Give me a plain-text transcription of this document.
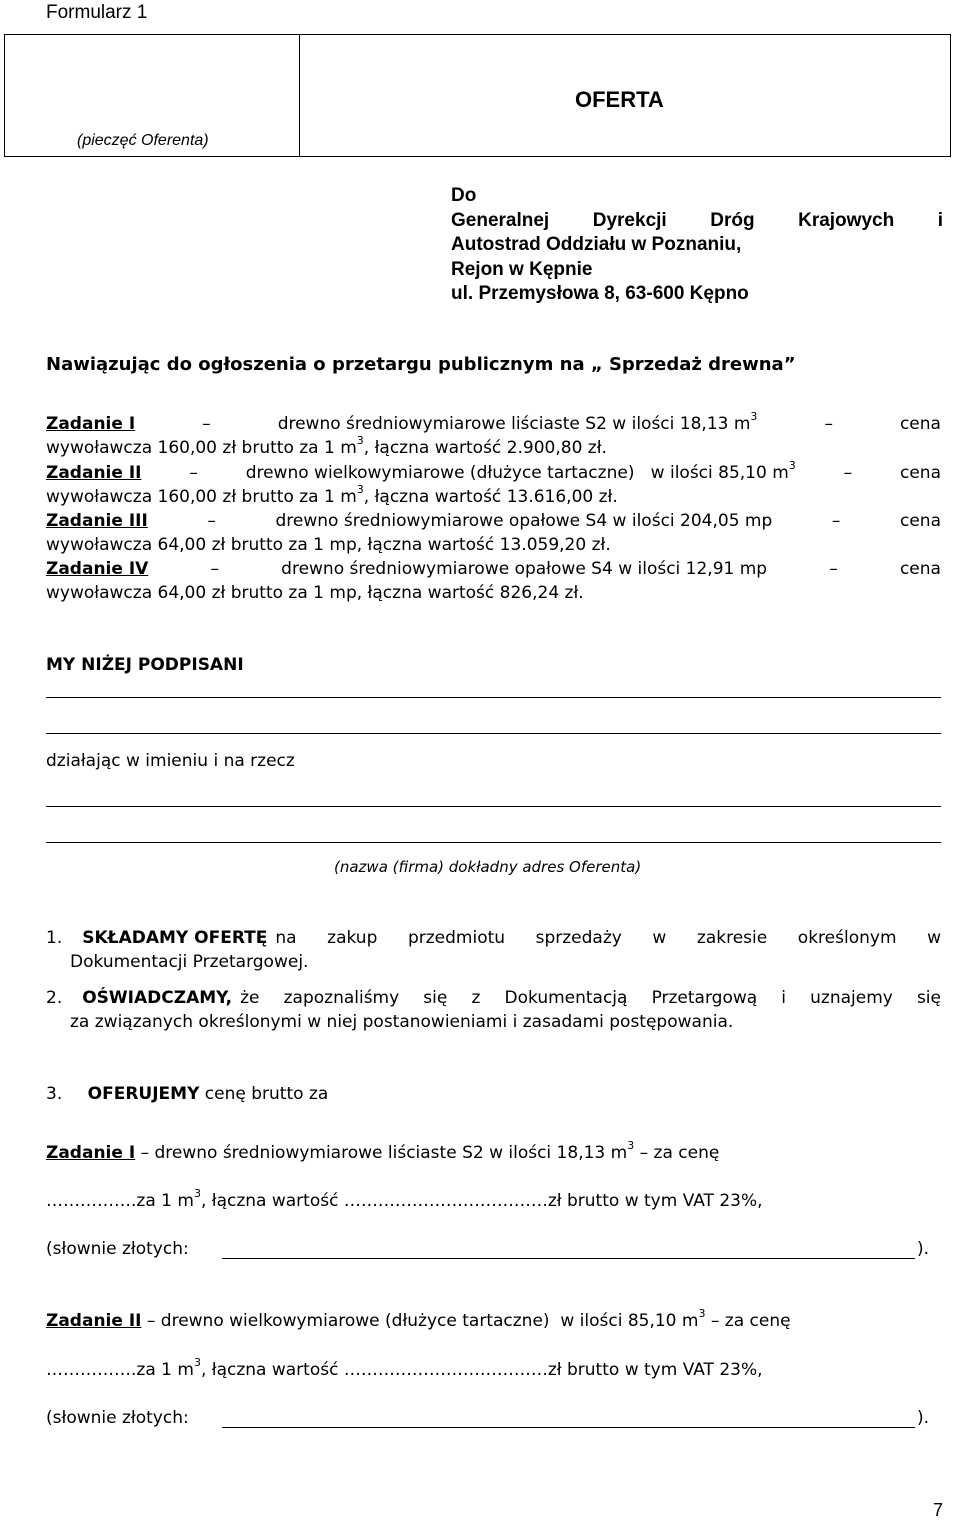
Formularz 1
(pieczęć Oferenta)
OFERTA
Do
Generalnej Dyrekcji Dróg Krajowych i
Autostrad Oddziału w Poznaniu,
Rejon w Kępnie
ul. Przemysłowa 8, 63-600 Kępno
Nawiązując do ogłoszenia o przetargu publicznym na „ Sprzedaż drewna”
Zadanie I	–	drewno średniowymiarowe liściaste S2 w ilości 18,13 $m^3$	–	cena
wywoławcza 160,00 zł brutto za 1 $m^3$, łączna wartość 2.900,80 zł.
Zadanie II	–	drewno wielkowymiarowe (dłużyce tartaczne)   w ilości 85,10 $m^3$	–	cena
wywoławcza 160,00 zł brutto za 1 $m^3$, łączna wartość 13.616,00 zł.
Zadanie III	–	drewno średniowymiarowe opałowe S4 w ilości 204,05 mp	–	cena
wywoławcza 64,00 zł brutto za 1 mp, łączna wartość 13.059,20 zł.
Zadanie IV	–	drewno średniowymiarowe opałowe S4 w ilości 12,91 mp	–	cena
wywoławcza 64,00 zł brutto za 1 mp, łączna wartość 826,24 zł.
MY NIŻEJ PODPISANI
działając w imieniu i na rzecz
(nazwa (firma) dokładny adres Oferenta)
1. SKŁADAMY OFERTĘ na zakup przedmiotu sprzedaży w zakresie określonym w
Dokumentacji Przetargowej.
2. OŚWIADCZAMY, że zapoznaliśmy się z Dokumentacją Przetargową i uznajemy się
za związanych określonymi w niej postanowieniami i zasadami postępowania.
3. OFERUJEMY cenę brutto za
Zadanie I – drewno średniowymiarowe liściaste S2 w ilości 18,13 $m^3$ – za cenę
…………….za 1 $m^3$, łączna wartość ………………………………zł brutto w tym VAT 23%,
(słownie złotych:	).
Zadanie II – drewno wielkowymiarowe (dłużyce tartaczne)  w ilości 85,10 $m^3$ – za cenę
…………….za 1 $m^3$, łączna wartość ………………………………zł brutto w tym VAT 23%,
(słownie złotych:	).
7
